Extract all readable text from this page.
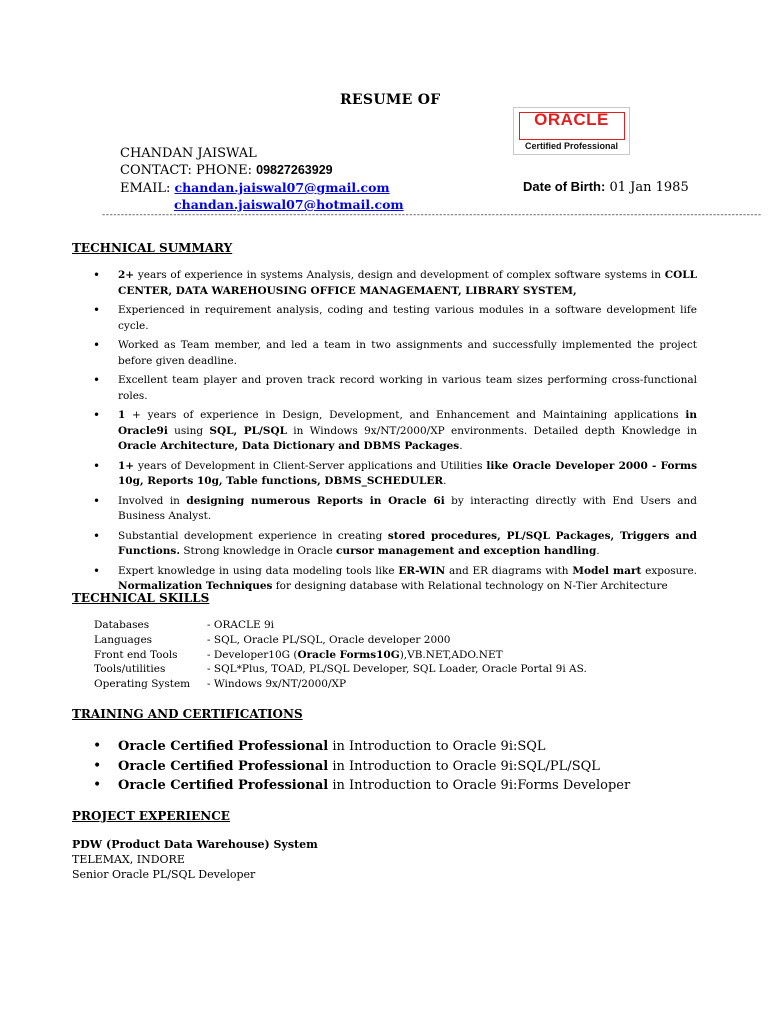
RESUME OF
ORACLE
Certified Professional
CHANDAN JAISWAL
CONTACT: PHONE: 09827263929
EMAIL: chandan.jaiswal07@gmail.com
chandan.jaiswal07@hotmail.com
Date of Birth: 01 Jan 1985
--------------------------------------------------------------------------------------------------------------------------------------------------------------------------------
TECHNICAL SUMMARY
• 2+ years of experience in systems Analysis, design and development of complex software systems in COLL CENTER, DATA WAREHOUSING OFFICE MANAGEMAENT, LIBRARY SYSTEM,
• Experienced in requirement analysis, coding and testing various modules in a software development life cycle.
• Worked as Team member, and led a team in two assignments and successfully implemented the project before given deadline.
• Excellent team player and proven track record working in various team sizes performing cross-functional roles.
• 1 + years of experience in Design, Development, and Enhancement and Maintaining applications in Oracle9i using SQL, PL/SQL in Windows 9x/NT/2000/XP environments. Detailed depth Knowledge in Oracle Architecture, Data Dictionary and DBMS Packages.
• 1+ years of Development in Client-Server applications and Utilities like Oracle Developer 2000 - Forms 10g, Reports 10g, Table functions, DBMS_SCHEDULER.
• Involved in designing numerous Reports in Oracle 6i by interacting directly with End Users and Business Analyst.
• Substantial development experience in creating stored procedures, PL/SQL Packages, Triggers and Functions. Strong knowledge in Oracle cursor management and exception handling.
• Expert knowledge in using data modeling tools like ER-WIN and ER diagrams with Model mart exposure. Normalization Techniques for designing database with Relational technology on N-Tier Architecture
TECHNICAL SKILLS
Databases	- ORACLE 9i
Languages	- SQL, Oracle PL/SQL, Oracle developer 2000
Front end Tools	- Developer10G (Oracle Forms10G),VB.NET,ADO.NET
Tools/utilities	- SQL*Plus, TOAD, PL/SQL Developer, SQL Loader, Oracle Portal 9i AS.
Operating System	- Windows 9x/NT/2000/XP
TRAINING AND CERTIFICATIONS
• Oracle Certified Professional in Introduction to Oracle 9i:SQL
• Oracle Certified Professional in Introduction to Oracle 9i:SQL/PL/SQL
• Oracle Certified Professional in Introduction to Oracle 9i:Forms Developer
PROJECT EXPERIENCE
PDW (Product Data Warehouse) System
TELEMAX, INDORE
Senior Oracle PL/SQL Developer
